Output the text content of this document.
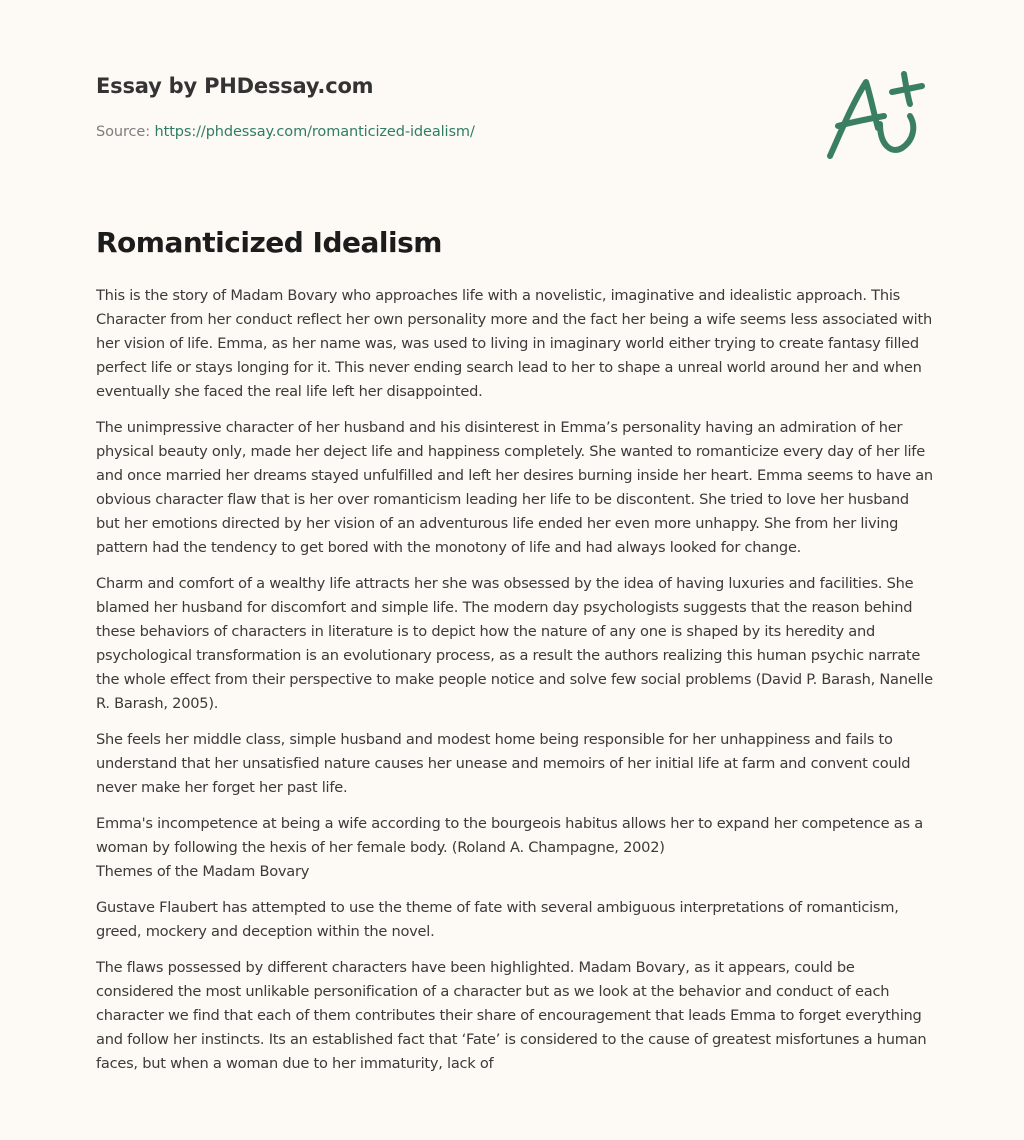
Essay by PHDessay.com
Source: https://phdessay.com/romanticized-idealism/
Romanticized Idealism

This is the story of Madam Bovary who approaches life with a novelistic, imaginative and idealistic approach. This Character from her conduct reflect her own personality more and the fact her being a wife seems less associated with her vision of life. Emma, as her name was, was used to living in imaginary world either trying to create fantasy filled perfect life or stays longing for it. This never ending search lead to her to shape a unreal world around her and when eventually she faced the real life left her disappointed.

The unimpressive character of her husband and his disinterest in Emma’s personality having an admiration of her physical beauty only, made her deject life and happiness completely. She wanted to romanticize every day of her life and once married her dreams stayed unfulfilled and left her desires burning inside her heart. Emma seems to have an obvious character flaw that is her over romanticism leading her life to be discontent. She tried to love her husband but her emotions directed by her vision of an adventurous life ended her even more unhappy. She from her living pattern had the tendency to get bored with the monotony of life and had always looked for change.

Charm and comfort of a wealthy life attracts her she was obsessed by the idea of having luxuries and facilities. She blamed her husband for discomfort and simple life. The modern day psychologists suggests that the reason behind these behaviors of characters in literature is to depict how the nature of any one is shaped by its heredity and psychological transformation is an evolutionary process, as a result the authors realizing this human psychic narrate the whole effect from their perspective to make people notice and solve few social problems (David P. Barash, Nanelle R. Barash, 2005).

She feels her middle class, simple husband and modest home being responsible for her unhappiness and fails to understand that her unsatisfied nature causes her unease and memoirs of her initial life at farm and convent could never make her forget her past life.

Emma's incompetence at being a wife according to the bourgeois habitus allows her to expand her competence as a woman by following the hexis of her female body. (Roland A. Champagne, 2002)
Themes of the Madam Bovary

Gustave Flaubert has attempted to use the theme of fate with several ambiguous interpretations of romanticism, greed, mockery and deception within the novel.

The flaws possessed by different characters have been highlighted. Madam Bovary, as it appears, could be considered the most unlikable personification of a character but as we look at the behavior and conduct of each character we find that each of them contributes their share of encouragement that leads Emma to forget everything and follow her instincts. Its an established fact that ‘Fate’ is considered to the cause of greatest misfortunes a human faces, but when a woman due to her immaturity, lack of
